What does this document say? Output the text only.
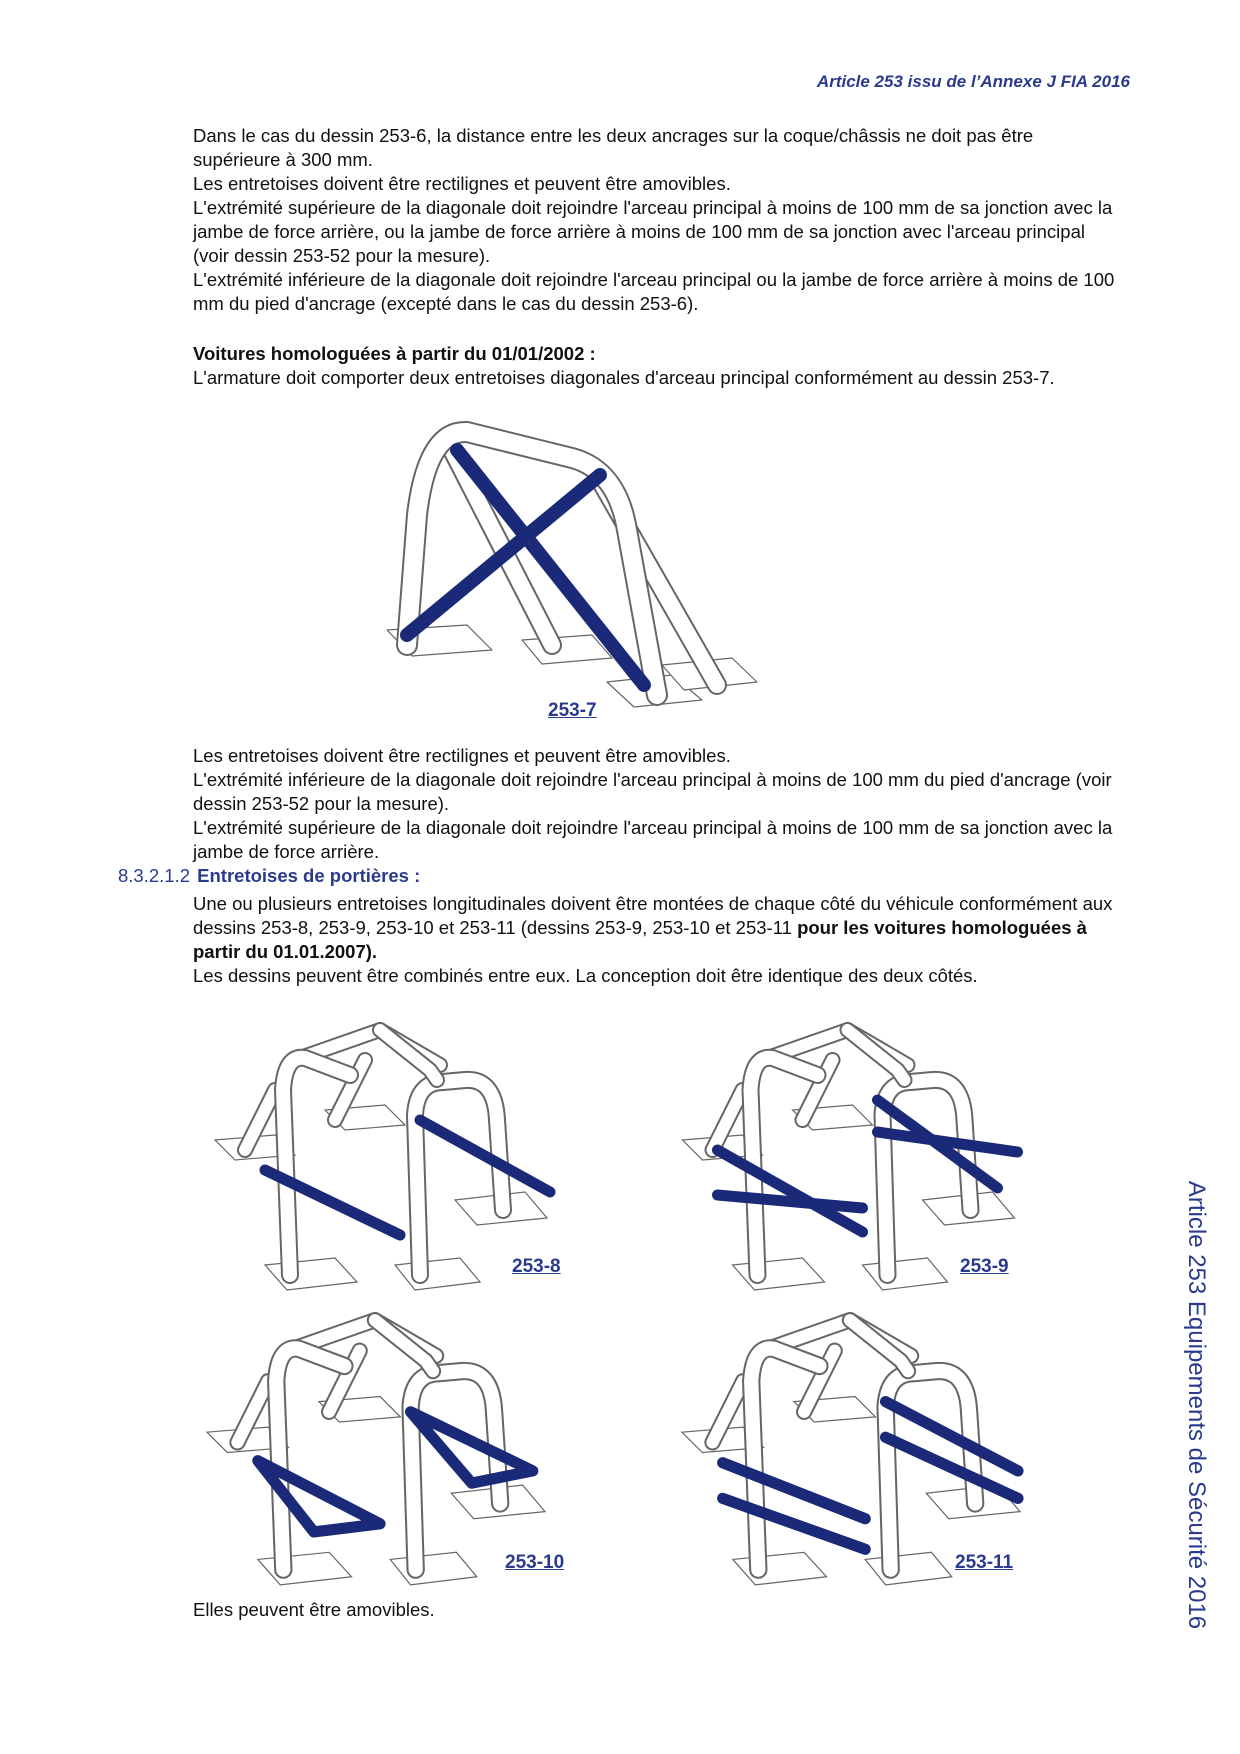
Article 253 issu de l’Annexe J FIA 2016
Article 253 Equipements de Sécurité 2016

Dans le cas du dessin 253-6, la distance entre les deux ancrages sur la coque/châssis ne doit pas être supérieure à 300 mm.

Les entretoises doivent être rectilignes et peuvent être amovibles.

L'extrémité supérieure de la diagonale doit rejoindre l'arceau principal à moins de 100 mm de sa jonction avec la jambe de force arrière, ou la jambe de force arrière à moins de 100 mm de sa jonction avec l'arceau principal (voir dessin 253-52 pour la mesure).

L'extrémité inférieure de la diagonale doit rejoindre l'arceau principal ou la jambe de force arrière à moins de 100 mm du pied d'ancrage (excepté dans le cas du dessin 253-6).

Voitures homologuées à partir du 01/01/2002 :

L'armature doit comporter deux entretoises diagonales d'arceau principal conformément au dessin 253-7.

253-7

Les entretoises doivent être rectilignes et peuvent être amovibles.

L'extrémité inférieure de la diagonale doit rejoindre l'arceau principal à moins de 100 mm du pied d'ancrage (voir dessin 253-52 pour la mesure).

L'extrémité supérieure de la diagonale doit rejoindre l'arceau principal à moins de 100 mm de sa jonction avec la jambe de force arrière.

8.3.2.1.2 Entretoises de portières :

Une ou plusieurs entretoises longitudinales doivent être montées de chaque côté du véhicule conformément aux dessins 253-8, 253-9, 253-10 et 253-11 (dessins 253-9, 253-10 et 253-11 pour les voitures homologuées à partir du 01.01.2007).

Les dessins peuvent être combinés entre eux. La conception doit être identique des deux côtés.

253-8	253-9
253-10	253-11

Elles peuvent être amovibles.
